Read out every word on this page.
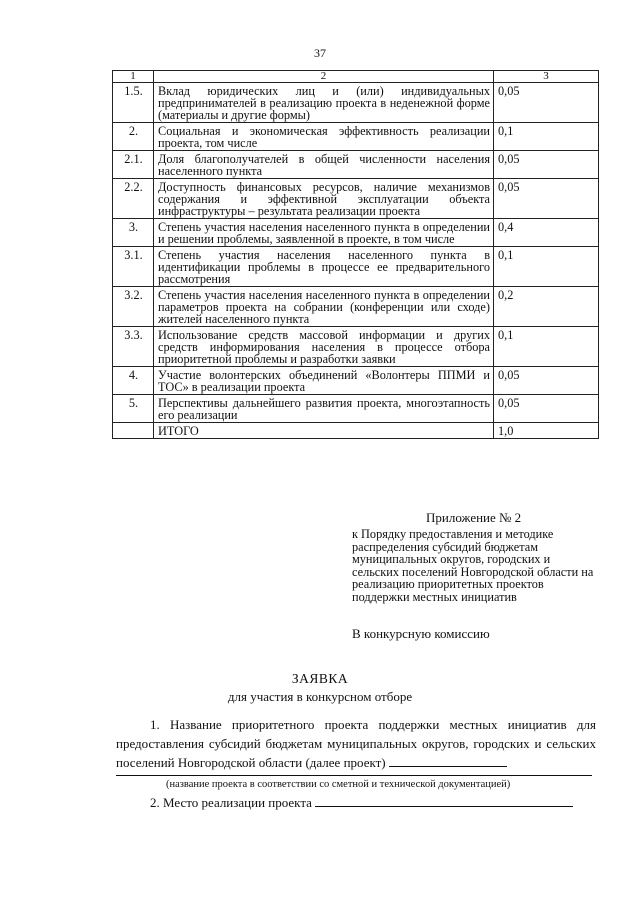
37
1	2	3
1.5.	Вклад юридических лиц и (или) индивидуальных предпринимателей в реализацию проекта в неденежной форме (материалы и другие формы)	0,05
2.	Социальная и экономическая эффективность реализации проекта, том числе	0,1
2.1.	Доля благополучателей в общей численности населения населенного пункта	0,05
2.2.	Доступность финансовых ресурсов, наличие механизмов содержания и эффективной эксплуатации объекта инфраструктуры – результата реализации проекта	0,05
3.	Степень участия населения населенного пункта в определении и решении проблемы, заявленной в проекте, в том числе	0,4
3.1.	Степень участия населения населенного пункта в идентификации проблемы в процессе ее предварительного рассмотрения	0,1
3.2.	Степень участия населения населенного пункта в определении параметров проекта на собрании (конференции или сходе) жителей населенного пункта	0,2
3.3.	Использование средств массовой информации и других средств информирования населения в процессе отбора приоритетной проблемы и разработки заявки	0,1
4.	Участие волонтерских объединений «Волонтеры ППМИ и ТОС» в реализации проекта	0,05
5.	Перспективы дальнейшего развития проекта, многоэтапность его реализации	0,05
	ИТОГО	1,0
Приложение № 2
к Порядку предоставления и методике распределения субсидий бюджетам муниципальных округов, городских и сельских поселений Новгородской области на реализацию приоритетных проектов поддержки местных инициатив
В конкурсную комиссию
ЗАЯВКА
для участия в конкурсном отборе
1. Название приоритетного проекта поддержки местных инициатив для предоставления субсидий бюджетам муниципальных округов, городских и сельских поселений Новгородской области (далее проект)
(название проекта в соответствии со сметной и технической документацией)
2. Место реализации проекта
